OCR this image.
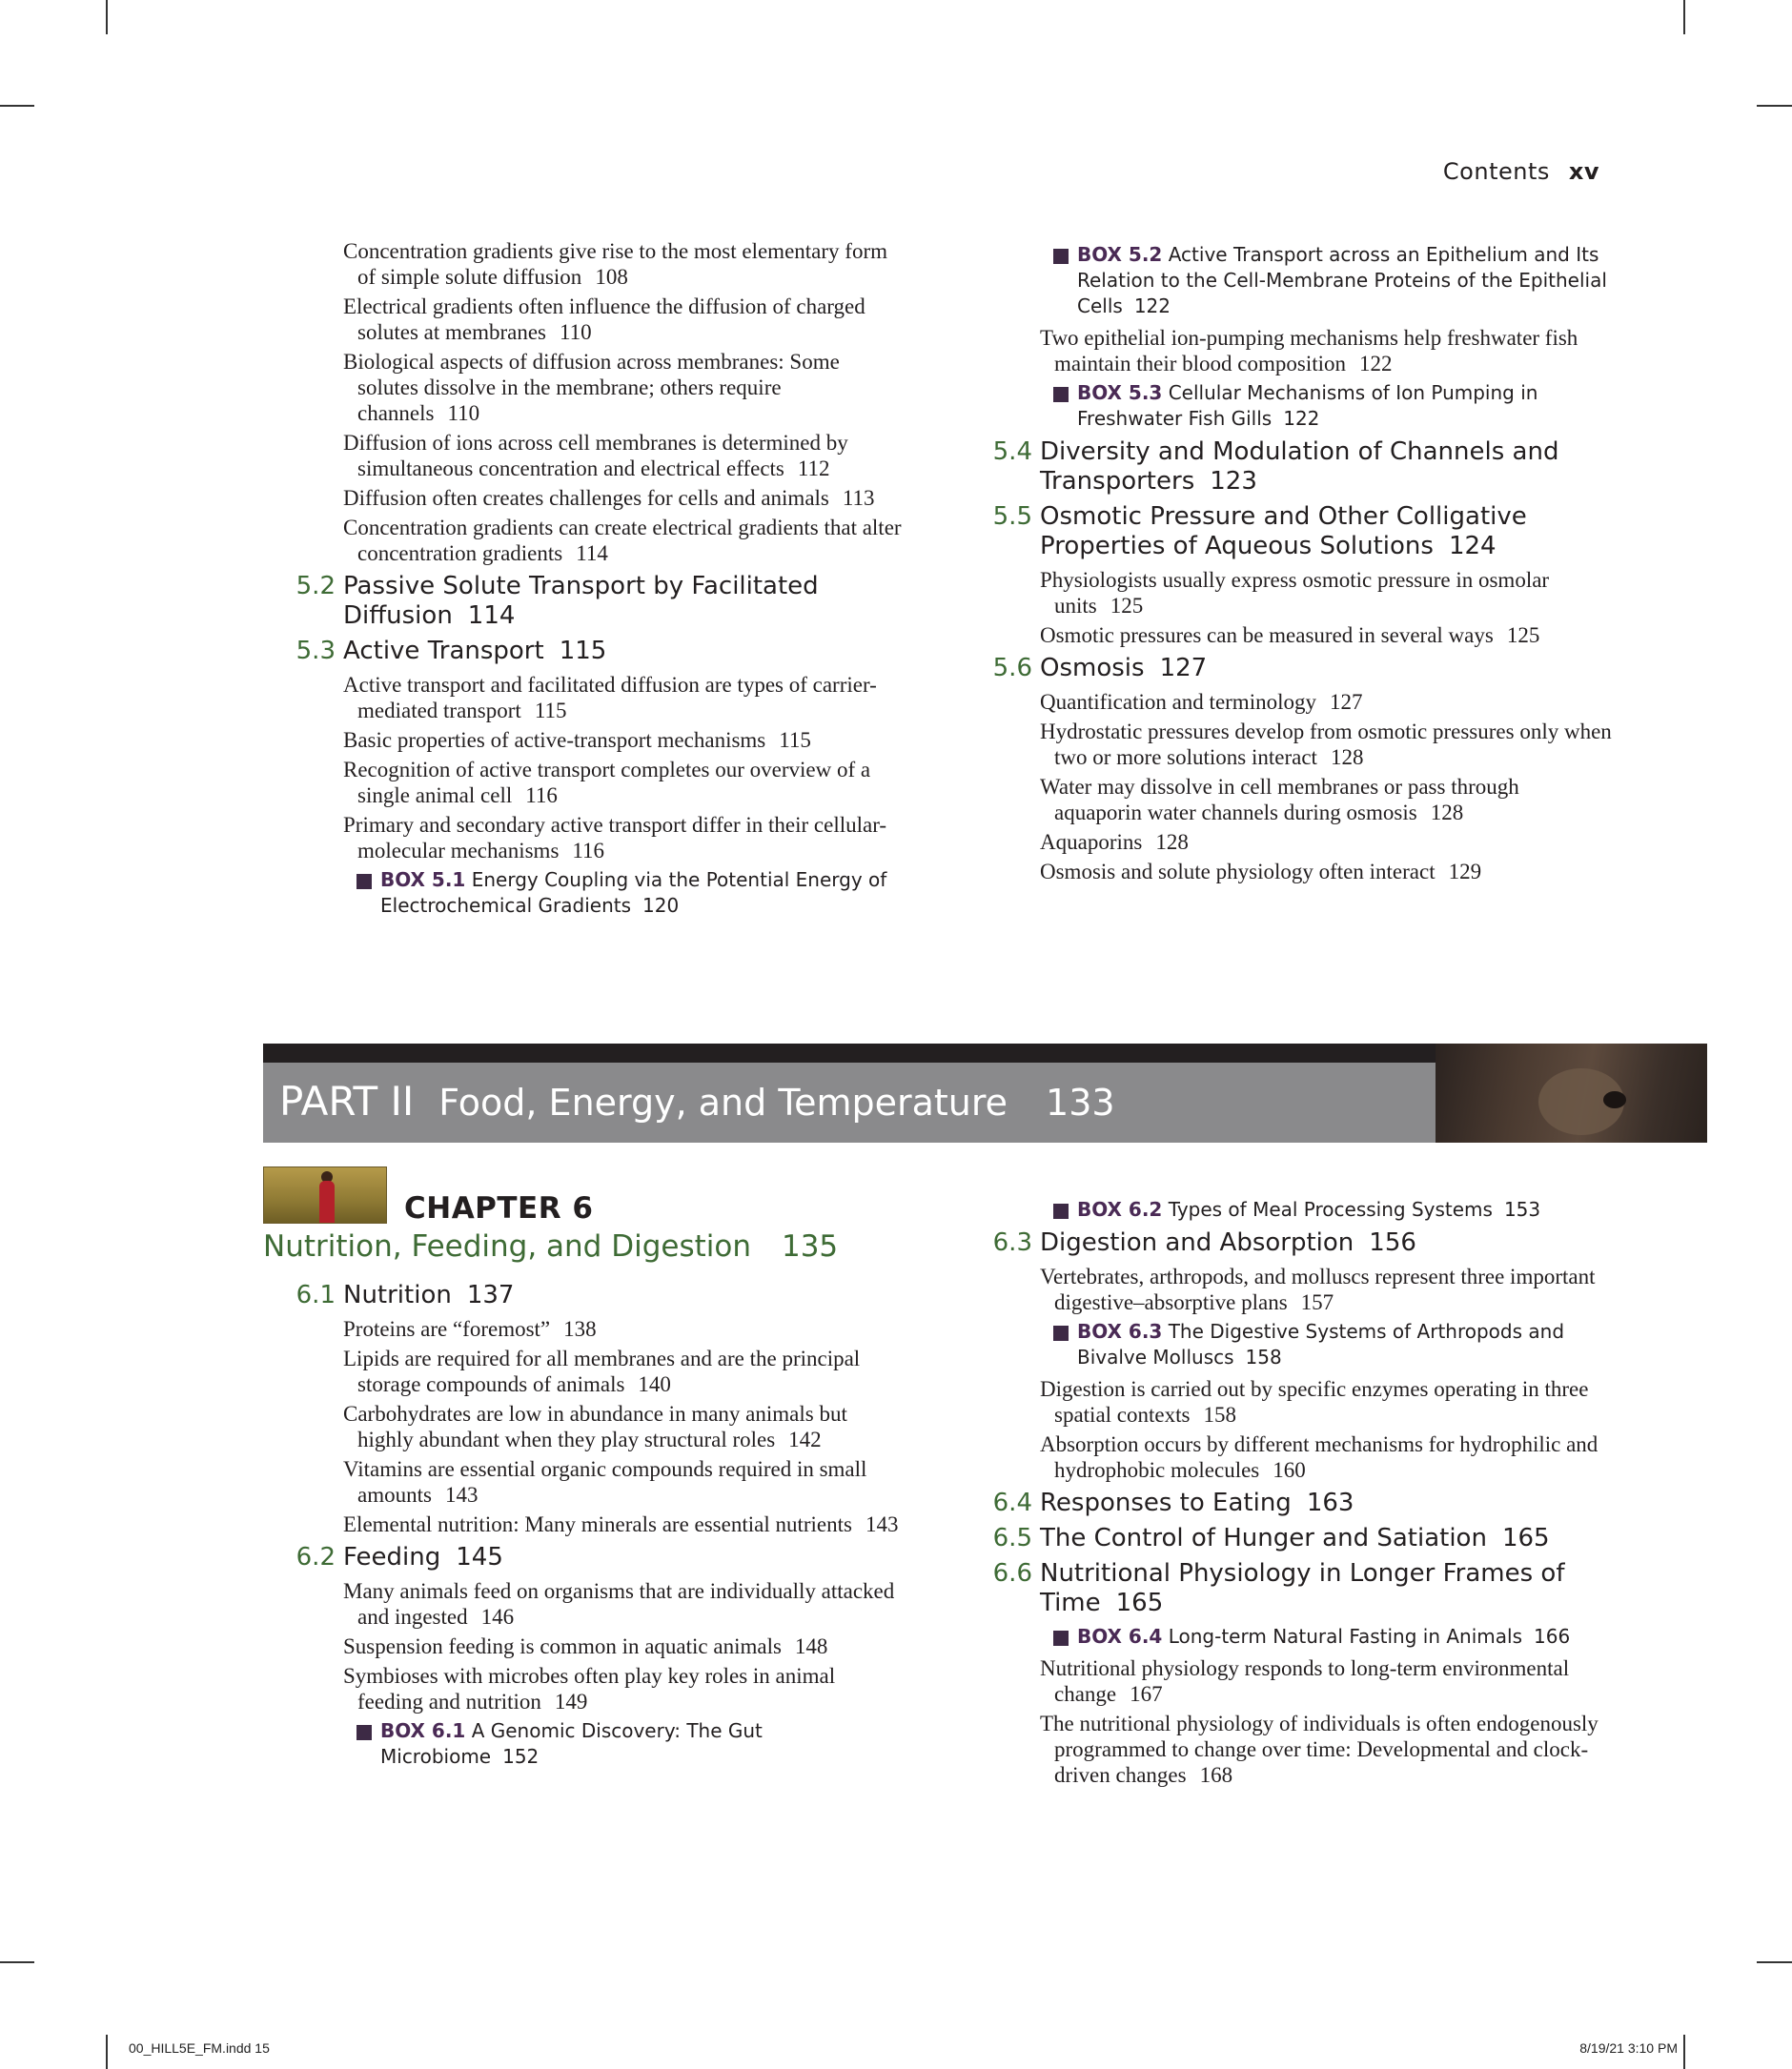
Contents xv
Concentration gradients give rise to the most elementary form of simple solute diffusion 108
Electrical gradients often influence the diffusion of charged solutes at membranes 110
Biological aspects of diffusion across membranes: Some solutes dissolve in the membrane; others require channels 110
Diffusion of ions across cell membranes is determined by simultaneous concentration and electrical effects 112
Diffusion often creates challenges for cells and animals 113
Concentration gradients can create electrical gradients that alter concentration gradients 114
5.2 Passive Solute Transport by Facilitated Diffusion 114
5.3 Active Transport 115
Active transport and facilitated diffusion are types of carrier-mediated transport 115
Basic properties of active-transport mechanisms 115
Recognition of active transport completes our overview of a single animal cell 116
Primary and secondary active transport differ in their cellular-molecular mechanisms 116
BOX 5.1 Energy Coupling via the Potential Energy of Electrochemical Gradients 120
BOX 5.2 Active Transport across an Epithelium and Its Relation to the Cell-Membrane Proteins of the Epithelial Cells 122
Two epithelial ion-pumping mechanisms help freshwater fish maintain their blood composition 122
BOX 5.3 Cellular Mechanisms of Ion Pumping in Freshwater Fish Gills 122
5.4 Diversity and Modulation of Channels and Transporters 123
5.5 Osmotic Pressure and Other Colligative Properties of Aqueous Solutions 124
Physiologists usually express osmotic pressure in osmolar units 125
Osmotic pressures can be measured in several ways 125
5.6 Osmosis 127
Quantification and terminology 127
Hydrostatic pressures develop from osmotic pressures only when two or more solutions interact 128
Water may dissolve in cell membranes or pass through aquaporin water channels during osmosis 128
Aquaporins 128
Osmosis and solute physiology often interact 129
PART II Food, Energy, and Temperature 133
CHAPTER 6
Nutrition, Feeding, and Digestion 135
6.1 Nutrition 137
Proteins are “foremost” 138
Lipids are required for all membranes and are the principal storage compounds of animals 140
Carbohydrates are low in abundance in many animals but highly abundant when they play structural roles 142
Vitamins are essential organic compounds required in small amounts 143
Elemental nutrition: Many minerals are essential nutrients 143
6.2 Feeding 145
Many animals feed on organisms that are individually attacked and ingested 146
Suspension feeding is common in aquatic animals 148
Symbioses with microbes often play key roles in animal feeding and nutrition 149
BOX 6.1 A Genomic Discovery: The Gut Microbiome 152
BOX 6.2 Types of Meal Processing Systems 153
6.3 Digestion and Absorption 156
Vertebrates, arthropods, and molluscs represent three important digestive–absorptive plans 157
BOX 6.3 The Digestive Systems of Arthropods and Bivalve Molluscs 158
Digestion is carried out by specific enzymes operating in three spatial contexts 158
Absorption occurs by different mechanisms for hydrophilic and hydrophobic molecules 160
6.4 Responses to Eating 163
6.5 The Control of Hunger and Satiation 165
6.6 Nutritional Physiology in Longer Frames of Time 165
BOX 6.4 Long-term Natural Fasting in Animals 166
Nutritional physiology responds to long-term environmental change 167
The nutritional physiology of individuals is often endogenously programmed to change over time: Developmental and clock-driven changes 168
00_HILL5E_FM.indd 15	8/19/21 3:10 PM
